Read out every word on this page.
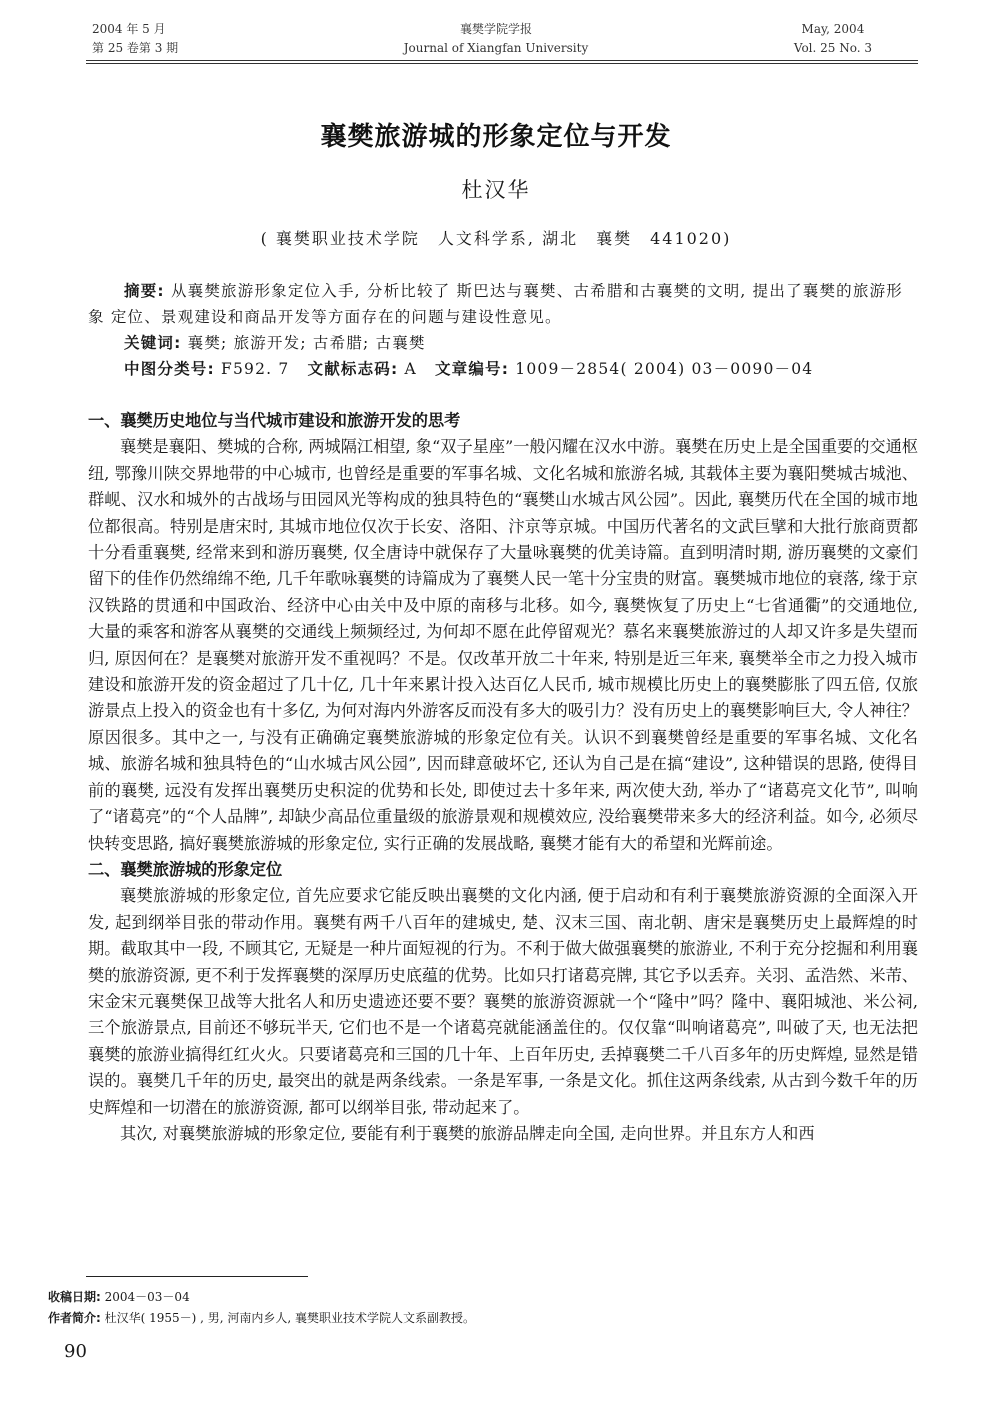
2004 年 5 月
第 25 卷第 3 期
襄樊学院学报
Journal of Xiangfan University
May, 2004
Vol. 25 No. 3
襄樊旅游城的形象定位与开发
杜汉华
( 襄樊职业技术学院　人文科学系, 湖北　襄樊　441020)

摘要: 从襄樊旅游形象定位入手, 分析比较了 斯巴达与襄樊、古希腊和古襄樊的文明, 提出了襄樊的旅游形象 定位、景观建设和商品开发等方面存在的问题与建设性意见。

关键词: 襄樊; 旅游开发; 古希腊; 古襄樊

中图分类号: F592. 7 文献标志码: A 文章编号: 1009－2854( 2004) 03－0090－04

一、襄樊历史地位与当代城市建设和旅游开发的思考

襄樊是襄阳、樊城的合称, 两城隔江相望, 象“双子星座”一般闪耀在汉水中游。襄樊在历史上是全国重要的交通枢纽, 鄂豫川陕交界地带的中心城市, 也曾经是重要的军事名城、文化名城和旅游名城, 其载体主要为襄阳樊城古城池、群岘、汉水和城外的古战场与田园风光等构成的独具特色的“襄樊山水城古风公园”。因此, 襄樊历代在全国的城市地位都很高。特别是唐宋时, 其城市地位仅次于长安、洛阳、汴京等京城。中国历代著名的文武巨擘和大批行旅商贾都十分看重襄樊, 经常来到和游历襄樊, 仅全唐诗中就保存了大量咏襄樊的优美诗篇。直到明清时期, 游历襄樊的文豪们留下的佳作仍然绵绵不绝, 几千年歌咏襄樊的诗篇成为了襄樊人民一笔十分宝贵的财富。襄樊城市地位的衰落, 缘于京汉铁路的贯通和中国政治、经济中心由关中及中原的南移与北移。如今, 襄樊恢复了历史上“七省通衢”的交通地位, 大量的乘客和游客从襄樊的交通线上频频经过, 为何却不愿在此停留观光？慕名来襄樊旅游过的人却又许多是失望而归, 原因何在？是襄樊对旅游开发不重视吗？不是。仅改革开放二十年来, 特别是近三年来, 襄樊举全市之力投入城市建设和旅游开发的资金超过了几十亿, 几十年来累计投入达百亿人民币, 城市规模比历史上的襄樊膨胀了四五倍, 仅旅游景点上投入的资金也有十多亿, 为何对海内外游客反而没有多大的吸引力？没有历史上的襄樊影响巨大, 令人神往？原因很多。其中之一, 与没有正确确定襄樊旅游城的形象定位有关。认识不到襄樊曾经是重要的军事名城、文化名城、旅游名城和独具特色的“山水城古风公园”, 因而肆意破坏它, 还认为自己是在搞“建设”, 这种错误的思路, 使得目前的襄樊, 远没有发挥出襄樊历史积淀的优势和长处, 即使过去十多年来, 两次使大劲, 举办了“诸葛亮文化节”, 叫响了“诸葛亮”的“个人品牌”, 却缺少高品位重量级的旅游景观和规模效应, 没给襄樊带来多大的经济利益。如今, 必须尽快转变思路, 搞好襄樊旅游城的形象定位, 实行正确的发展战略, 襄樊才能有大的希望和光辉前途。

二、襄樊旅游城的形象定位

襄樊旅游城的形象定位, 首先应要求它能反映出襄樊的文化内涵, 便于启动和有利于襄樊旅游资源的全面深入开发, 起到纲举目张的带动作用。襄樊有两千八百年的建城史, 楚、汉末三国、南北朝、唐宋是襄樊历史上最辉煌的时期。截取其中一段, 不顾其它, 无疑是一种片面短视的行为。不利于做大做强襄樊的旅游业, 不利于充分挖掘和利用襄樊的旅游资源, 更不利于发挥襄樊的深厚历史底蕴的优势。比如只打诸葛亮牌, 其它予以丢弃。关羽、孟浩然、米芾、宋金宋元襄樊保卫战等大批名人和历史遗迹还要不要？襄樊的旅游资源就一个“隆中”吗？隆中、襄阳城池、米公祠, 三个旅游景点, 目前还不够玩半天, 它们也不是一个诸葛亮就能涵盖住的。仅仅靠“叫响诸葛亮”, 叫破了天, 也无法把襄樊的旅游业搞得红红火火。只要诸葛亮和三国的几十年、上百年历史, 丢掉襄樊二千八百多年的历史辉煌, 显然是错误的。襄樊几千年的历史, 最突出的就是两条线索。一条是军事, 一条是文化。抓住这两条线索, 从古到今数千年的历史辉煌和一切潜在的旅游资源, 都可以纲举目张, 带动起来了。

其次, 对襄樊旅游城的形象定位, 要能有利于襄樊的旅游品牌走向全国, 走向世界。并且东方人和西

收稿日期: 2004－03－04
作者简介: 杜汉华( 1955－) , 男, 河南内乡人, 襄樊职业技术学院人文系副教授。
90
